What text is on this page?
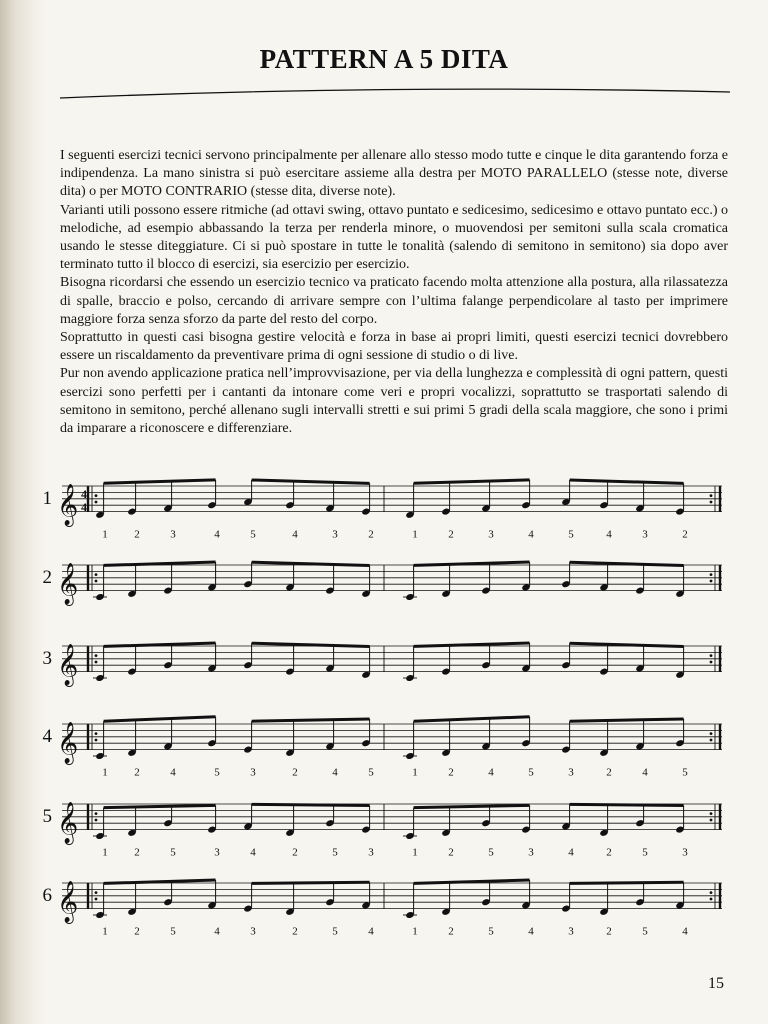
PATTERN A 5 DITA

I seguenti esercizi tecnici servono principalmente per allenare allo stesso modo tutte e cinque le dita garantendo forza e indipendenza. La mano sinistra si può esercitare assieme alla destra per MOTO PARALLELO (stesse note, diverse dita) o per MOTO CONTRARIO (stesse dita, diverse note).

Varianti utili possono essere ritmiche (ad ottavi swing, ottavo puntato e sedicesimo, sedicesimo e ottavo puntato ecc.) o melodiche, ad esempio abbassando la terza per renderla minore, o muovendosi per semitoni sulla scala cromatica usando le stesse diteggiature. Ci si può spostare in tutte le tonalità (salendo di semitono in semitono) sia dopo aver terminato tutto il blocco di esercizi, sia esercizio per esercizio.

Bisogna ricordarsi che essendo un esercizio tecnico va praticato facendo molta attenzione alla postura, alla rilassatezza di spalle, braccio e polso, cercando di arrivare sempre con l’ultima falange perpendicolare al tasto per imprimere maggiore forza senza sforzo da parte del resto del corpo.

Soprattutto in questi casi bisogna gestire velocità e forza in base ai propri limiti, questi esercizi tecnici dovrebbero essere un riscaldamento da preventivare prima di ogni sessione di studio o di live.

Pur non avendo applicazione pratica nell’improvvisazione, per via della lunghezza e complessità di ogni pattern, questi esercizi sono perfetti per i cantanti da intonare come veri e propri vocalizzi, soprattutto se trasportati salendo di semitono in semitono, perché allenano sugli intervalli stretti e sui primi 5 gradi della scala maggiore, che sono i primi da imparare a riconoscere e differenziare.

1 𝄞 4
4
1 2	3	4	5	4	3	2	1	2	3	4	5	4	3	2
2 𝄞
3 𝄞
4 𝄞
1 2	4	5	3	2	4	5	1	2	4	5	3	2	4	5
5 𝄞
1 2	5	3	4	2	5	3	1	2	5	3	4	2	5	3
6 𝄞
1 2	5	4	3	2	5	4	1	2	5	4	3	2	5	4
15
